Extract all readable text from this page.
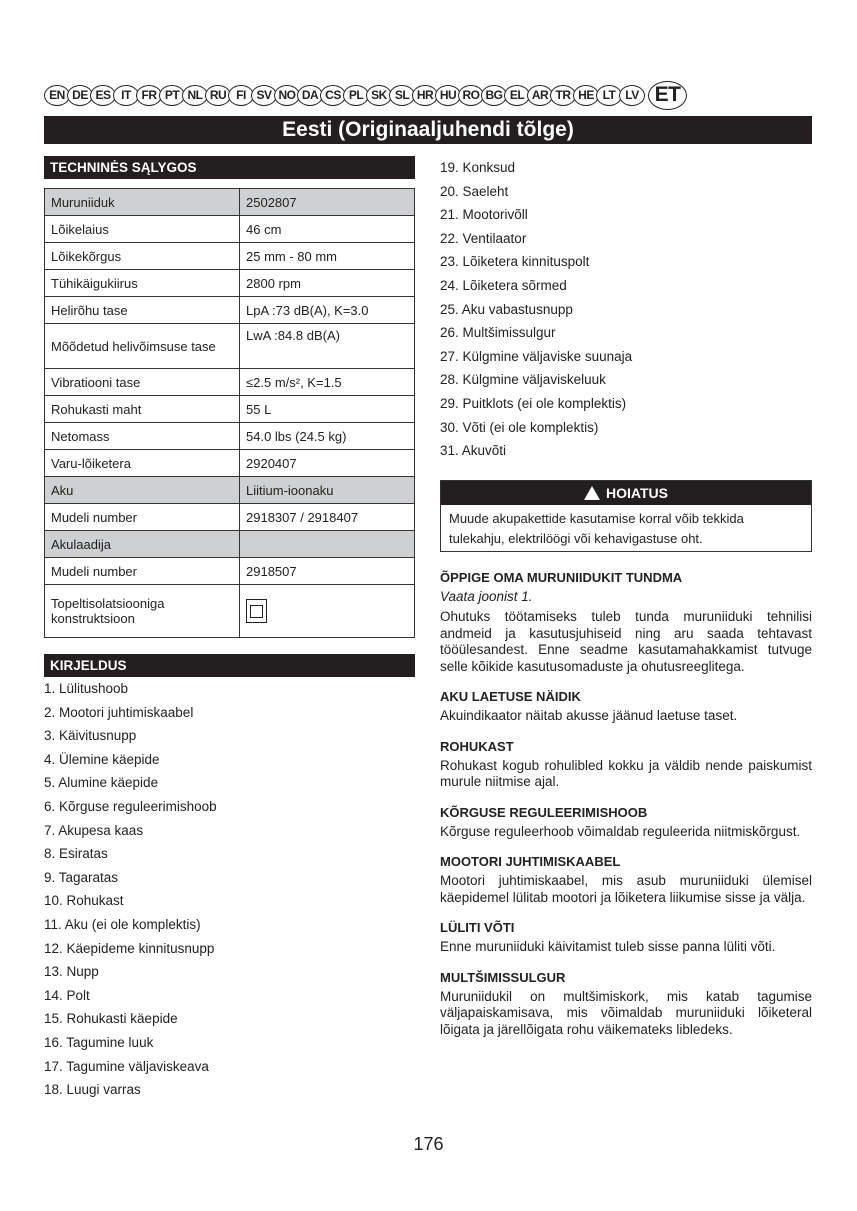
EN DE ES IT FR PT NL RU FI SV NO DA CS PL SK SL HR HU RO BG EL AR TR HE LT LV ET
Eesti (Originaaljuhendi tõlge)
TECHNINĖS SĄLYGOS
Muruniiduk	2502807
Lõikelaius	46 cm
Lõikekõrgus	25 mm - 80 mm
Tühikäigukiirus	2800 rpm
Helirõhu tase	LpA :73 dB(A), K=3.0
Mõõdetud helivõimsuse tase	LwA :84.8 dB(A)
Vibratiooni tase	≤2.5 m/s², K=1.5
Rohukasti maht	55 L
Netomass	54.0 lbs (24.5 kg)
Varu-lõiketera	2920407
Aku	Liitium-ioonaku
Mudeli number	2918307 / 2918407
Akulaadija	
Mudeli number	2918507
Topeltisolatsiooniga konstruktsioon	
KIRJELDUS
1. Lülitushoob
2. Mootori juhtimiskaabel
3. Käivitusnupp
4. Ülemine käepide
5. Alumine käepide
6. Kõrguse reguleerimishoob
7. Akupesa kaas
8. Esiratas
9. Tagaratas
10. Rohukast
11. Aku (ei ole komplektis)
12. Käepideme kinnitusnupp
13. Nupp
14. Polt
15. Rohukasti käepide
16. Tagumine luuk
17. Tagumine väljaviskeava
18. Luugi varras
19. Konksud
20. Saeleht
21. Mootorivõll
22. Ventilaator
23. Lõiketera kinnituspolt
24. Lõiketera sõrmed
25. Aku vabastusnupp
26. Multšimissulgur
27. Külgmine väljaviske suunaja
28. Külgmine väljaviskeluuk
29. Puitklots (ei ole komplektis)
30. Võti (ei ole komplektis)
31. Akuvõti
HOIATUS
Muude akupakettide kasutamise korral võib tekkida tulekahju, elektrilöögi või kehavigastuse oht.
ÕPPIGE OMA MURUNIIDUKIT TUNDMA

Vaata joonist 1.

Ohutuks töötamiseks tuleb tunda muruniiduki tehnilisi andmeid ja kasutusjuhiseid ning aru saada tehtavast tööülesandest. Enne seadme kasutamahakkamist tutvuge selle kõikide kasutusomaduste ja ohutusreeglitega.

AKU LAETUSE NÄIDIK

Akuindikaator näitab akusse jäänud laetuse taset.

ROHUKAST

Rohukast kogub rohulibled kokku ja väldib nende paiskumist murule niitmise ajal.

KÕRGUSE REGULEERIMISHOOB

Kõrguse reguleerhoob võimaldab reguleerida niitmiskõrgust.

MOOTORI JUHTIMISKAABEL

Mootori juhtimiskaabel, mis asub muruniiduki ülemisel käepidemel lülitab mootori ja lõiketera liikumise sisse ja välja.

LÜLITI VÕTI

Enne muruniiduki käivitamist tuleb sisse panna lüliti võti.

MULTŠIMISSULGUR

Muruniidukil on multšimiskork, mis katab tagumise väljapaiskamisava, mis võimaldab muruniiduki lõiketeral lõigata ja järellõigata rohu väikemateks libledeks.

176
